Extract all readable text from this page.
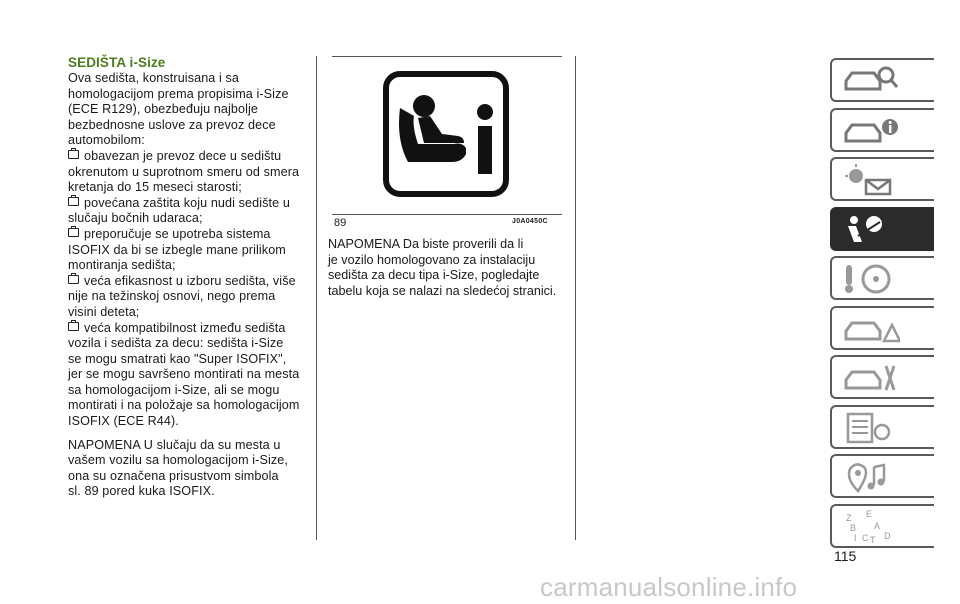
SEDIŠTA i-Size

Ova sedišta, konstruisana i sa

homologacijom prema propisima i-Size

(ECE R129), obezbeđuju najbolje

bezbednosne uslove za prevoz dece

automobilom:

obavezan je prevoz dece u sedištu

okrenutom u suprotnom smeru od smera

kretanja do 15 meseci starosti;

povećana zaštita koju nudi sedište u

slučaju bočnih udaraca;

preporučuje se upotreba sistema

ISOFIX da bi se izbegle mane prilikom

montiranja sedišta;

veća efikasnost u izboru sedišta, više

nije na težinskoj osnovi, nego prema

visini deteta;

veća kompatibilnost između sedišta

vozila i sedišta za decu: sedišta i-Size

se mogu smatrati kao "Super ISOFIX",

jer se mogu savršeno montirati na mesta

sa homologacijom i-Size, ali se mogu

montirati i na položaje sa homologacijom

ISOFIX (ECE R44).

NAPOMENA U slučaju da su mesta u

vašem vozilu sa homologacijom i-Size,

ona su označena prisustvom simbola

sl. 89 pored kuka ISOFIX.

89	J0A0450C

NAPOMENA Da biste proverili da li

je vozilo homologovano za instalaciju

sedišta za decu tipa i-Size, pogledajte

tabelu koja se nalazi na sledećoj stranici.

Z E
B A
I C T D
115
carmanualsonline.info
